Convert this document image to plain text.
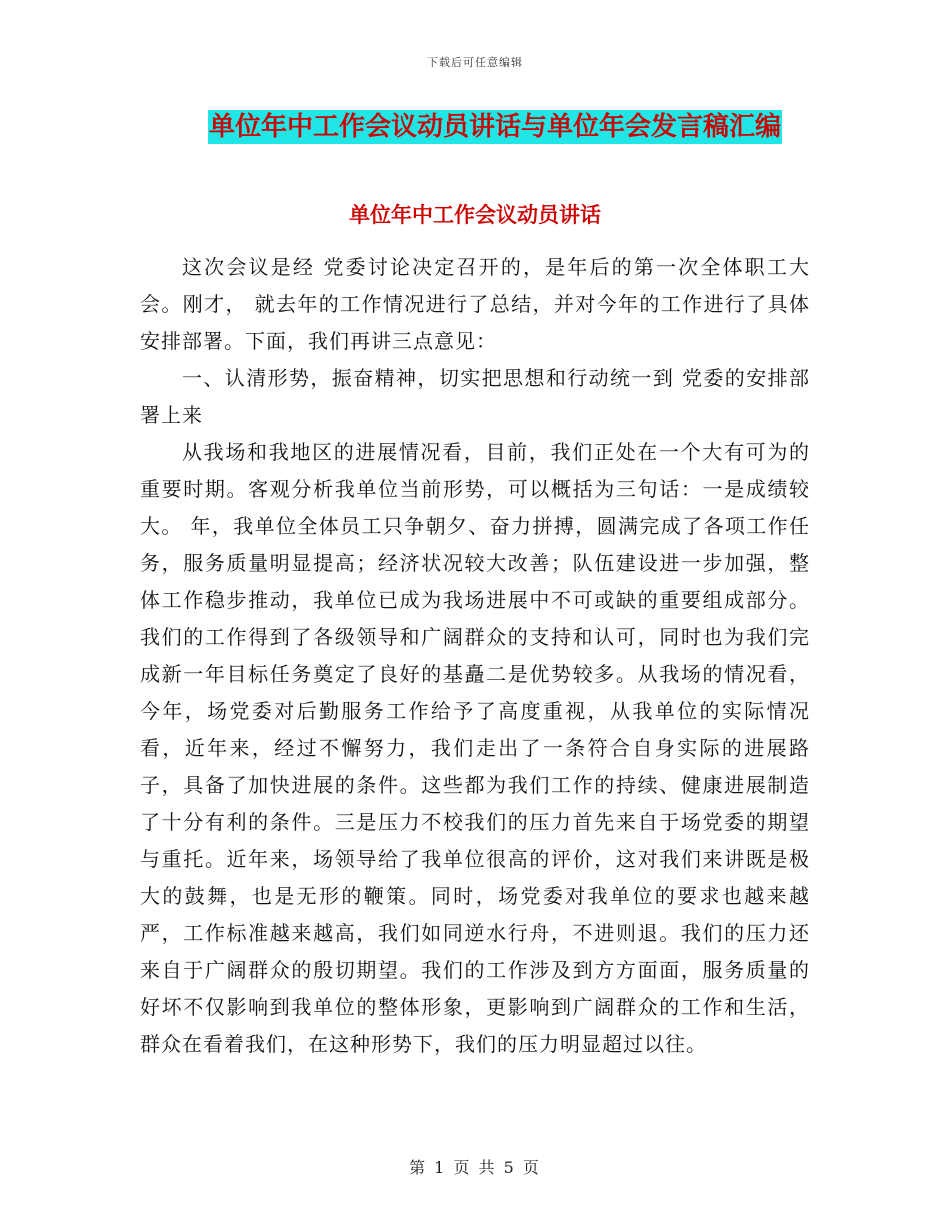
下载后可任意编辑
单位年中工作会议动员讲话与单位年会发言稿汇编
单位年中工作会议动员讲话

这次会议是经 党委讨论决定召开的，是年后的第一次全体职工大会。刚才， 就去年的工作情况进行了总结，并对今年的工作进行了具体安排部署。下面，我们再讲三点意见：

一、认清形势，振奋精神，切实把思想和行动统一到 党委的安排部署上来

从我场和我地区的进展情况看，目前，我们正处在一个大有可为的重要时期。客观分析我单位当前形势，可以概括为三句话：一是成绩较大。 年，我单位全体员工只争朝夕、奋力拼搏，圆满完成了各项工作任务，服务质量明显提高；经济状况较大改善；队伍建设进一步加强，整体工作稳步推动，我单位已成为我场进展中不可或缺的重要组成部分。我们的工作得到了各级领导和广阔群众的支持和认可，同时也为我们完成新一年目标任务奠定了良好的基矗二是优势较多。从我场的情况看，今年，场党委对后勤服务工作给予了高度重视，从我单位的实际情况看，近年来，经过不懈努力，我们走出了一条符合自身实际的进展路子，具备了加快进展的条件。这些都为我们工作的持续、健康进展制造了十分有利的条件。三是压力不校我们的压力首先来自于场党委的期望与重托。近年来，场领导给了我单位很高的评价，这对我们来讲既是极大的鼓舞，也是无形的鞭策。同时，场党委对我单位的要求也越来越严，工作标准越来越高，我们如同逆水行舟，不进则退。我们的压力还来自于广阔群众的殷切期望。我们的工作涉及到方方面面，服务质量的好坏不仅影响到我单位的整体形象，更影响到广阔群众的工作和生活，群众在看着我们，在这种形势下，我们的压力明显超过以往。

第 1 页 共 5 页
